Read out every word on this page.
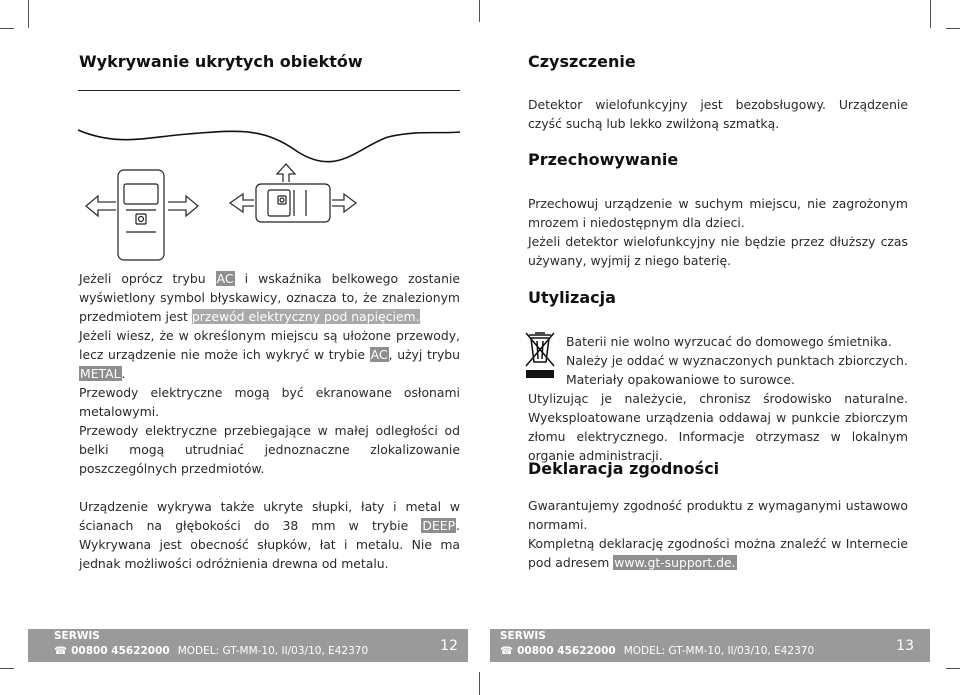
Wykrywanie ukrytych obiektów

Jeżeli oprócz trybu AC i wskaźnika belkowego zostanie wyświetlony symbol błyskawicy, oznacza to, że znalezionym przedmiotem jest przewód elektryczny pod napięciem.

Jeżeli wiesz, że w określonym miejscu są ułożone przewody, lecz urządzenie nie może ich wykryć w trybie AC, użyj trybu METAL.

Przewody elektryczne mogą być ekranowane osłonami metalowymi.

Przewody elektryczne przebiegające w małej odległości od belki mogą utrudniać jednoznaczne zlokalizowanie poszczególnych przedmiotów.

Urządzenie wykrywa także ukryte słupki, łaty i metal w ścianach na głębokości do 38 mm w trybie DEEP. Wykrywana jest obecność słupków, łat i metalu. Nie ma jednak możliwości odróżnienia drewna od metalu.

Czyszczenie

Detektor wielofunkcyjny jest bezobsługowy. Urządzenie czyść suchą lub lekko zwilżoną szmatką.

Przechowywanie

Przechowuj urządzenie w suchym miejscu, nie zagrożonym mrozem i niedostępnym dla dzieci.

Jeżeli detektor wielofunkcyjny nie będzie przez dłuższy czas używany, wyjmij z niego baterię.

Utylizacja

Baterii nie wolno wyrzucać do domowego śmietnika.

Należy je oddać w wyznaczonych punktach zbiorczych.

Materiały opakowaniowe to surowce.

Utylizując je należycie, chronisz środowisko naturalne. Wyeksploatowane urządzenia oddawaj w punkcie zbiorczym złomu elektrycznego. Informacje otrzymasz w lokalnym organie administracji.

Deklaracja zgodności

Gwarantujemy zgodność produktu z wymaganymi ustawowo normami.

Kompletną deklarację zgodności można znaleźć w Internecie pod adresem www.gt-support.de.

SERWIS
☎ 00800 45622000 MODEL: GT-MM-10, II/03/10, E42370	12
SERWIS
☎ 00800 45622000 MODEL: GT-MM-10, II/03/10, E42370	13
